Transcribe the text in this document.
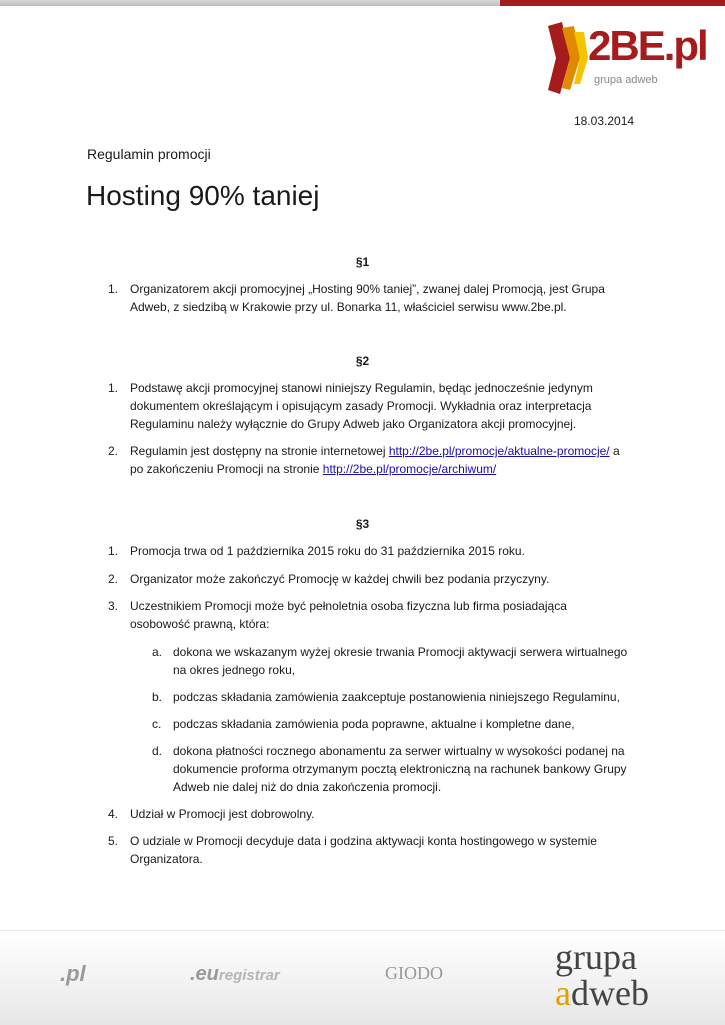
2BE.pl
grupa adweb
18.03.2014
Regulamin promocji
Hosting 90% taniej
§1
1. Organizatorem akcji promocyjnej „Hosting 90% taniej”, zwanej dalej Promocją, jest Grupa Adweb, z siedzibą w Krakowie przy ul. Bonarka 11, właściciel serwisu www.2be.pl.
§2
1. Podstawę akcji promocyjnej stanowi niniejszy Regulamin, będąc jednocześnie jedynym dokumentem określającym i opisującym zasady Promocji. Wykładnia oraz interpretacja Regulaminu należy wyłącznie do Grupy Adweb jako Organizatora akcji promocyjnej.
2. Regulamin jest dostępny na stronie internetowej http://2be.pl/promocje/aktualne-promocje/ a po zakończeniu Promocji na stronie http://2be.pl/promocje/archiwum/
§3
1. Promocja trwa od 1 października 2015 roku do 31 października 2015 roku.
2. Organizator może zakończyć Promocję w każdej chwili bez podania przyczyny.
3. Uczestnikiem Promocji może być pełnoletnia osoba fizyczna lub firma posiadająca osobowość prawną, która:
a. dokona we wskazanym wyżej okresie trwania Promocji aktywacji serwera wirtualnego na okres jednego roku,
b. podczas składania zamówienia zaakceptuje postanowienia niniejszego Regulaminu,
c. podczas składania zamówienia poda poprawne, aktualne i kompletne dane,
d. dokona płatności rocznego abonamentu za serwer wirtualny w wysokości podanej na dokumencie proforma otrzymanym pocztą elektroniczną na rachunek bankowy Grupy Adweb nie dalej niż do dnia zakończenia promocji.
4. Udział w Promocji jest dobrowolny.
5. O udziale w Promocji decyduje data i godzina aktywacji konta hostingowego w systemie Organizatora.
.pl	.euregistrar	GIODO	grupa
adweb
